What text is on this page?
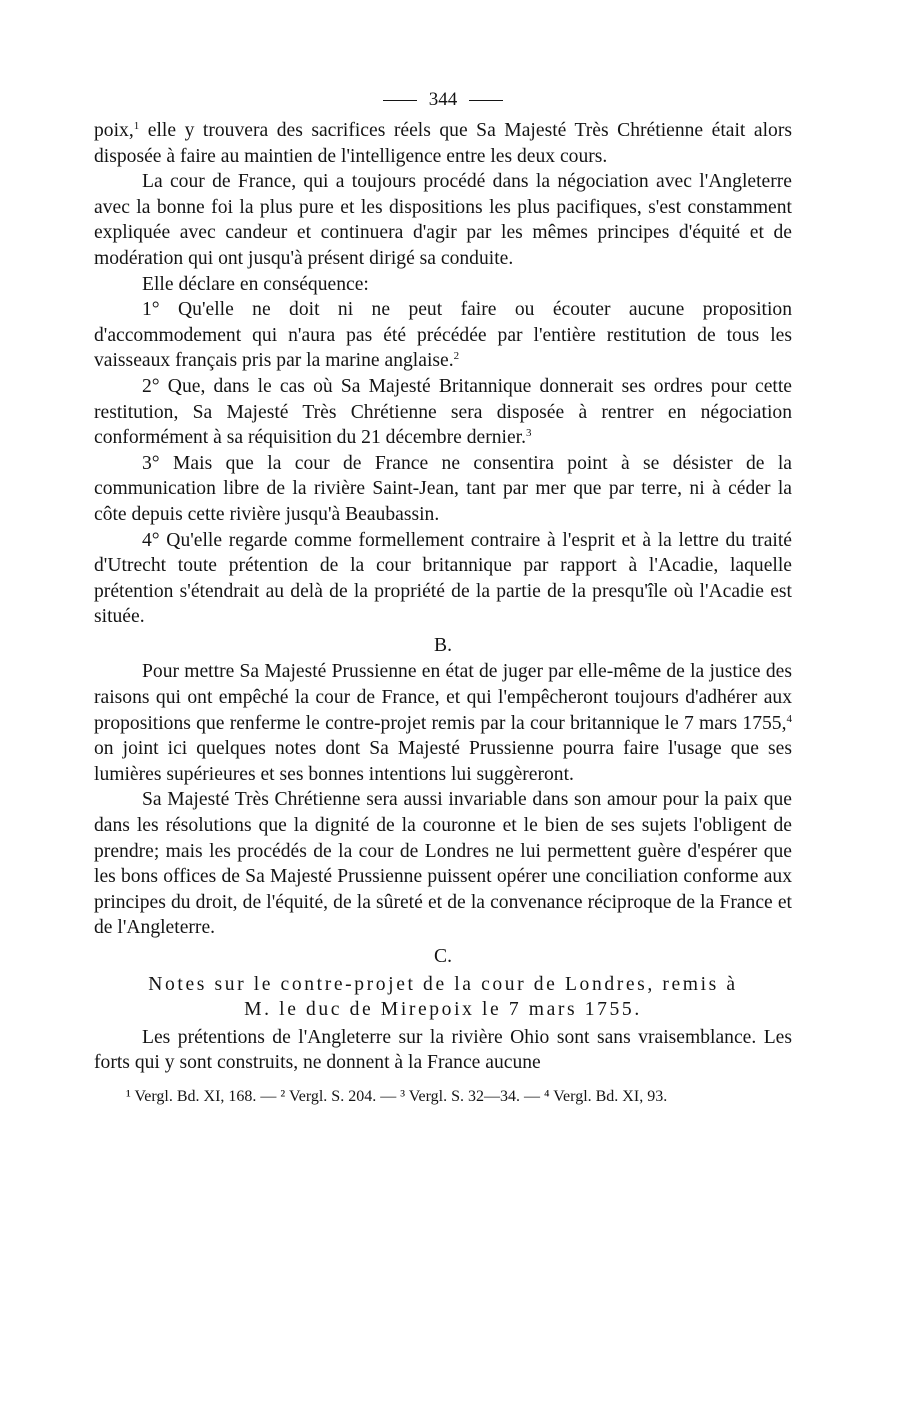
344

poix,$^1$ elle y trouvera des sacrifices réels que Sa Majesté Très Chrétienne était alors disposée à faire au maintien de l'intelligence entre les deux cours.

La cour de France, qui a toujours procédé dans la négociation avec l'Angleterre avec la bonne foi la plus pure et les dispositions les plus pacifiques, s'est constamment expliquée avec candeur et continuera d'agir par les mêmes principes d'équité et de modération qui ont jusqu'à présent dirigé sa conduite.

Elle déclare en conséquence:

1° Qu'elle ne doit ni ne peut faire ou écouter aucune proposition d'accommodement qui n'aura pas été précédée par l'entière restitution de tous les vaisseaux français pris par la marine anglaise.$^2$

2° Que, dans le cas où Sa Majesté Britannique donnerait ses ordres pour cette restitution, Sa Majesté Très Chrétienne sera disposée à rentrer en négociation conformément à sa réquisition du 21 décembre dernier.$^3$

3° Mais que la cour de France ne consentira point à se désister de la communication libre de la rivière Saint-Jean, tant par mer que par terre, ni à céder la côte depuis cette rivière jusqu'à Beaubassin.

4° Qu'elle regarde comme formellement contraire à l'esprit et à la lettre du traité d'Utrecht toute prétention de la cour britannique par rapport à l'Acadie, laquelle prétention s'étendrait au delà de la propriété de la partie de la presqu'île où l'Acadie est située.

B.

Pour mettre Sa Majesté Prussienne en état de juger par elle-même de la justice des raisons qui ont empêché la cour de France, et qui l'empêcheront toujours d'adhérer aux propositions que renferme le contre-projet remis par la cour britannique le 7 mars 1755,$^4$ on joint ici quelques notes dont Sa Majesté Prussienne pourra faire l'usage que ses lumières supérieures et ses bonnes intentions lui suggèreront.

Sa Majesté Très Chrétienne sera aussi invariable dans son amour pour la paix que dans les résolutions que la dignité de la couronne et le bien de ses sujets l'obligent de prendre; mais les procédés de la cour de Londres ne lui permettent guère d'espérer que les bons offices de Sa Majesté Prussienne puissent opérer une conciliation conforme aux principes du droit, de l'équité, de la sûreté et de la convenance réciproque de la France et de l'Angleterre.

C.
Notes sur le contre-projet de la cour de Londres, remis à
M. le duc de Mirepoix le 7 mars 1755.

Les prétentions de l'Angleterre sur la rivière Ohio sont sans vraisemblance. Les forts qui y sont construits, ne donnent à la France aucune

¹ Vergl. Bd. XI, 168. — ² Vergl. S. 204. — ³ Vergl. S. 32—34. — ⁴ Vergl. Bd. XI, 93.
